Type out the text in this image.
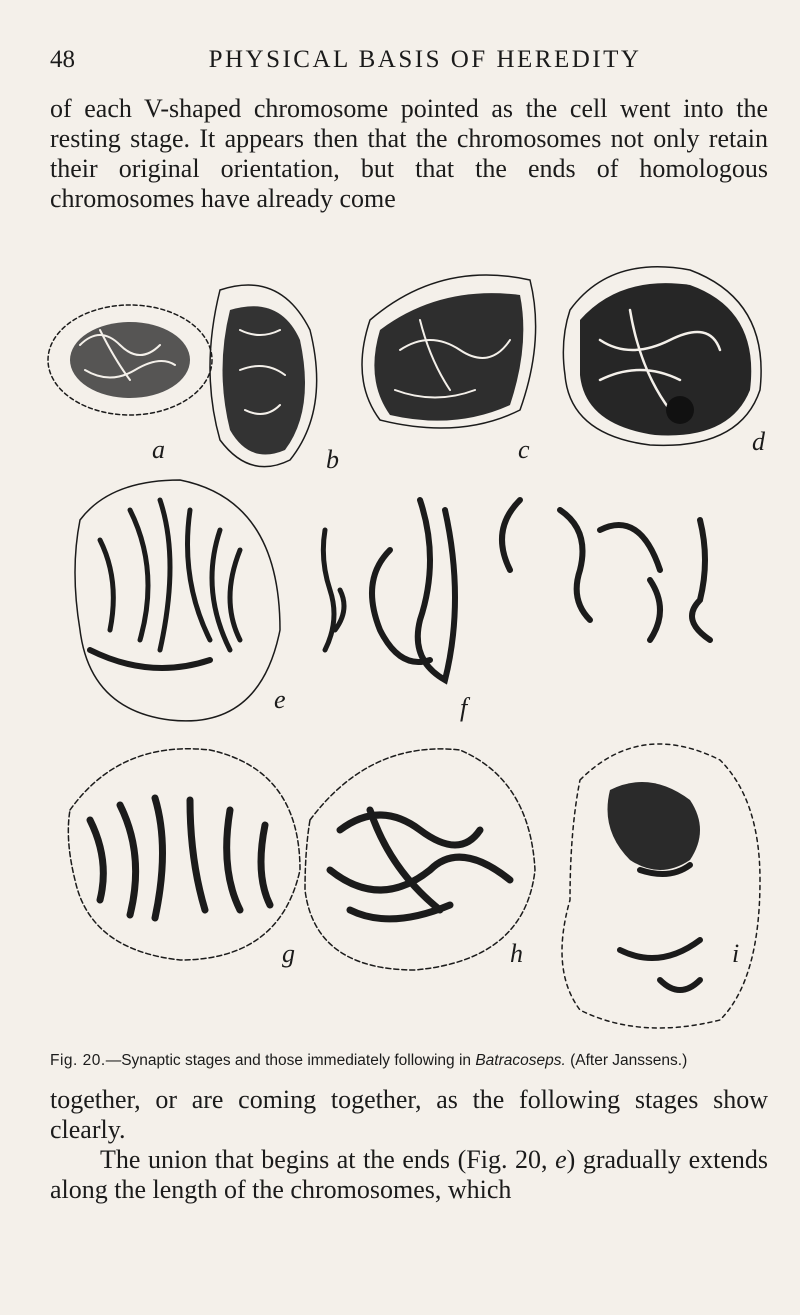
48	PHYSICAL BASIS OF HEREDITY

of each V-shaped chromosome pointed as the cell went into the resting stage. It appears then that the chromosomes not only retain their original orientation, but that the ends of homologous chromosomes have already come

a	b	c	d
e	f
g	h	i
Fig. 20.—Synaptic stages and those immediately following in Batracoseps. (After Janssens.)

together, or are coming together, as the following stages show clearly.

The union that begins at the ends (Fig. 20, e) gradually extends along the length of the chromosomes, which
